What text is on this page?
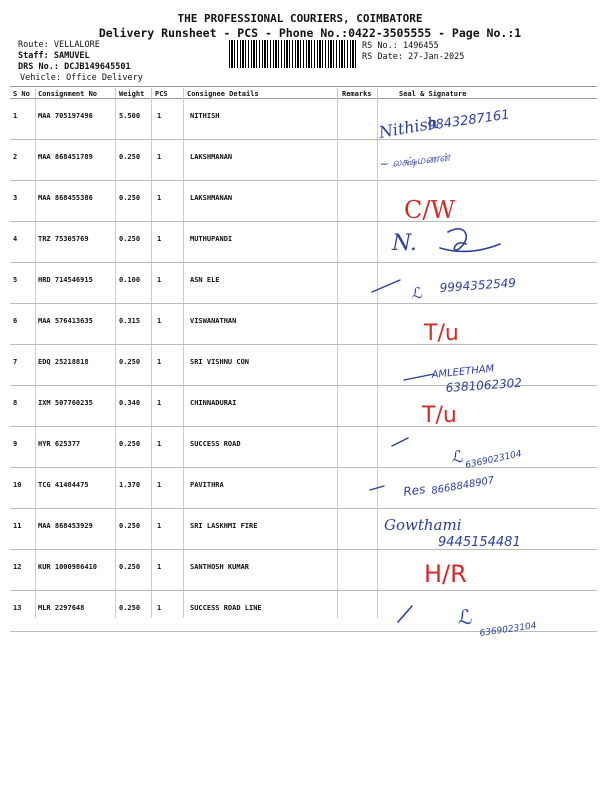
THE PROFESSIONAL COURIERS, COIMBATORE
Delivery Runsheet - PCS - Phone No.:0422-3505555 - Page No.:1
Route: VELLALORE
Staff: SAMUVEL
DRS No.: DCJB149645501
Vehicle: Office Delivery
RS No.: 1496455
RS Date: 27-Jan-2025
S No Consignment No	Weight PCS	Consignee Details	Remarks	Seal & Signature
1	MAA 705197496	5.500 1	NITHISH
2	MAA 868451789	0.250 1	LAKSHMANAN
3	MAA 868455386	0.250 1	LAKSHMANAN
4	TRZ 75305769	0.250 1	MUTHUPANDI
5	HRD 714546915	0.100 1	ASN ELE
6	MAA 576413635	0.315 1	VISWANATHAN
7	EDQ 25218818	0.250 1	SRI VISHNU CON
8	IXM 507760235	0.340 1	CHINNADURAI
9	HYR 625377	0.250 1	SUCCESS ROAD
10 TCG 41484475	1.370 1	PAVITHRA
11 MAA 868453929	0.250 1	SRI LASKHMI FIRE
12 KUR 1000986410	0.250 1	SANTHOSH KUMAR
13 MLR 2297648	0.250 1	SUCCESS ROAD LINE
Nithish
9843287161
~ லக்ஷ்மணன்
C/W
N.
ℒ 9994352549
T/u
AMLEETHAM
6381062302
T/u
ℒ 6369023104
Res 8668848907
Gowthami
9445154481
H/R
ℒ
6369023104
